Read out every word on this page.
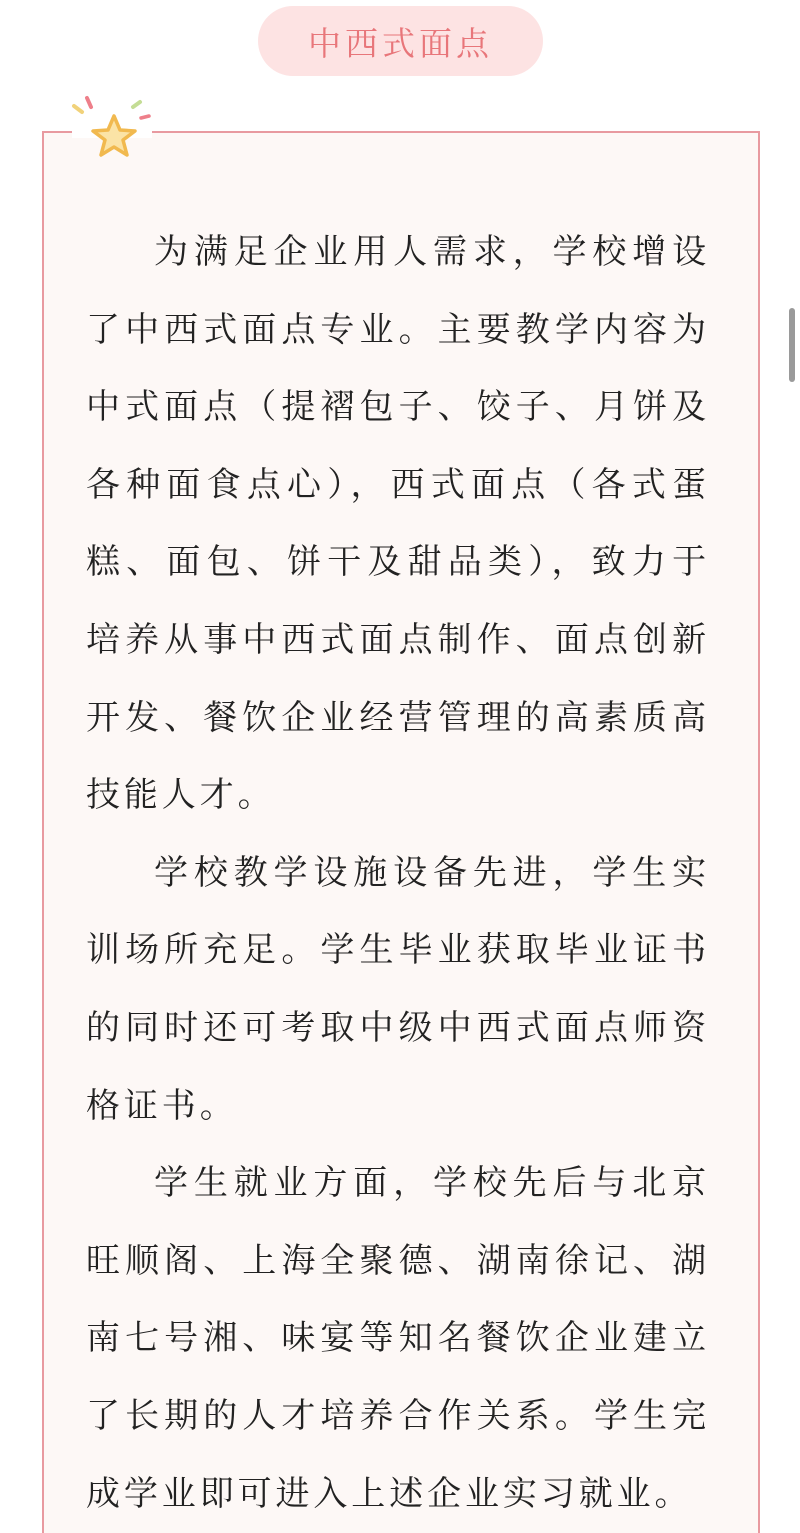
中西式面点

为满足企业用人需求，学校增设了中西式面点专业。主要教学内容为中式面点（提褶包子、饺子、月饼及各种面食点心），西式面点（各式蛋糕、面包、饼干及甜品类），致力于培养从事中西式面点制作、面点创新开发、餐饮企业经营管理的高素质高技能人才。

学校教学设施设备先进，学生实训场所充足。学生毕业获取毕业证书的同时还可考取中级中西式面点师资格证书。

学生就业方面，学校先后与北京旺顺阁、上海全聚德、湖南徐记、湖南七号湘、味宴等知名餐饮企业建立了长期的人才培养合作关系。学生完成学业即可进入上述企业实习就业。
